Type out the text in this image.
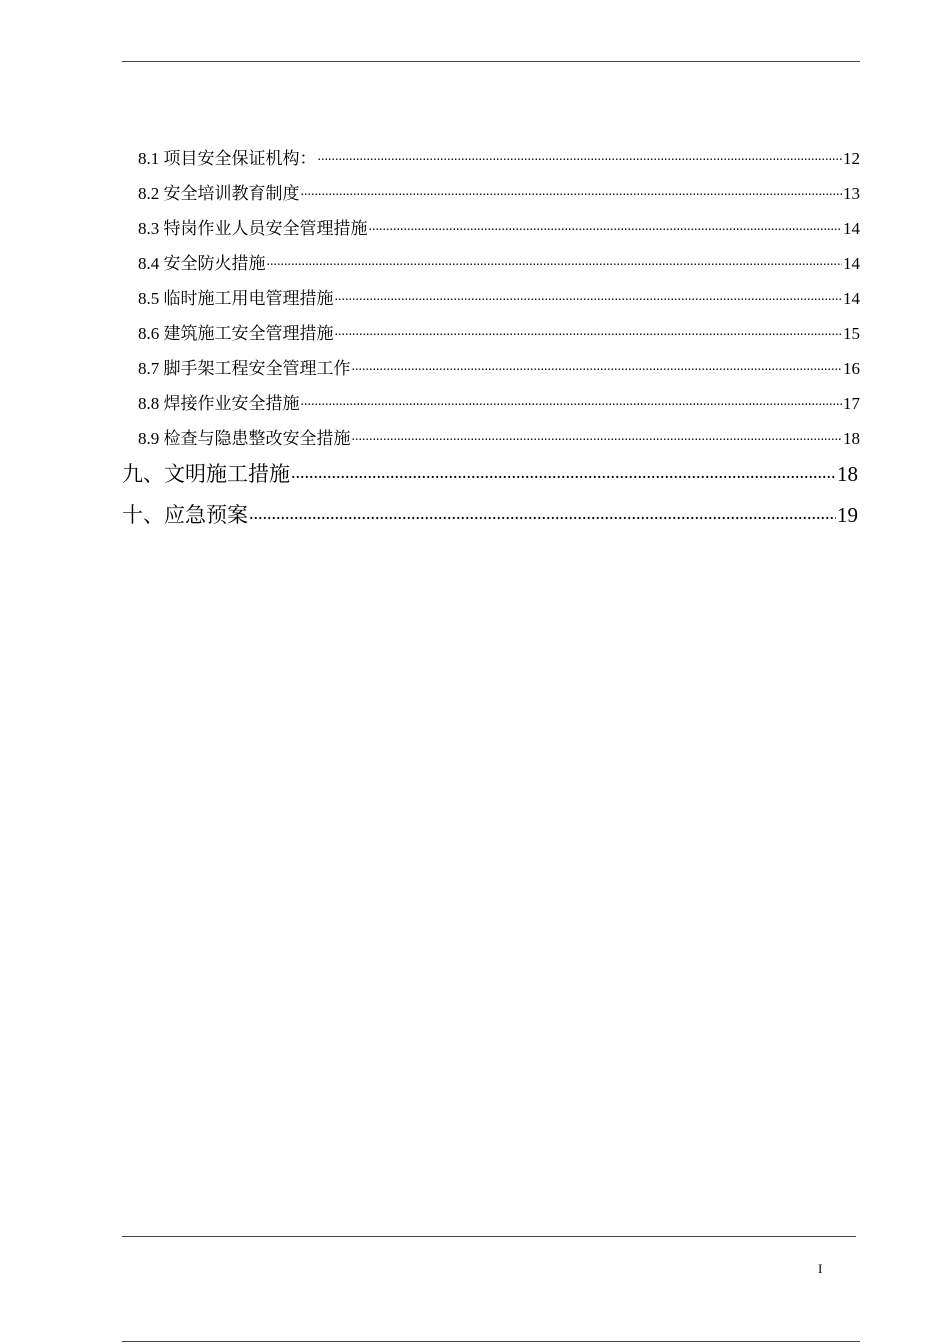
8.1 项目安全保证机构： .....	12
8.2 安全培训教育制度 .....	13
8.3 特岗作业人员安全管理措施 .....	14
8.4 安全防火措施 .....	14
8.5 临时施工用电管理措施 .....	14
8.6 建筑施工安全管理措施 .....	15
8.7 脚手架工程安全管理工作 .....	16
8.8 焊接作业安全措施 .....	17
8.9 检查与隐患整改安全措施 .....	18
九、文明施工措施 .....	18
十、应急预案 .....	19
I
